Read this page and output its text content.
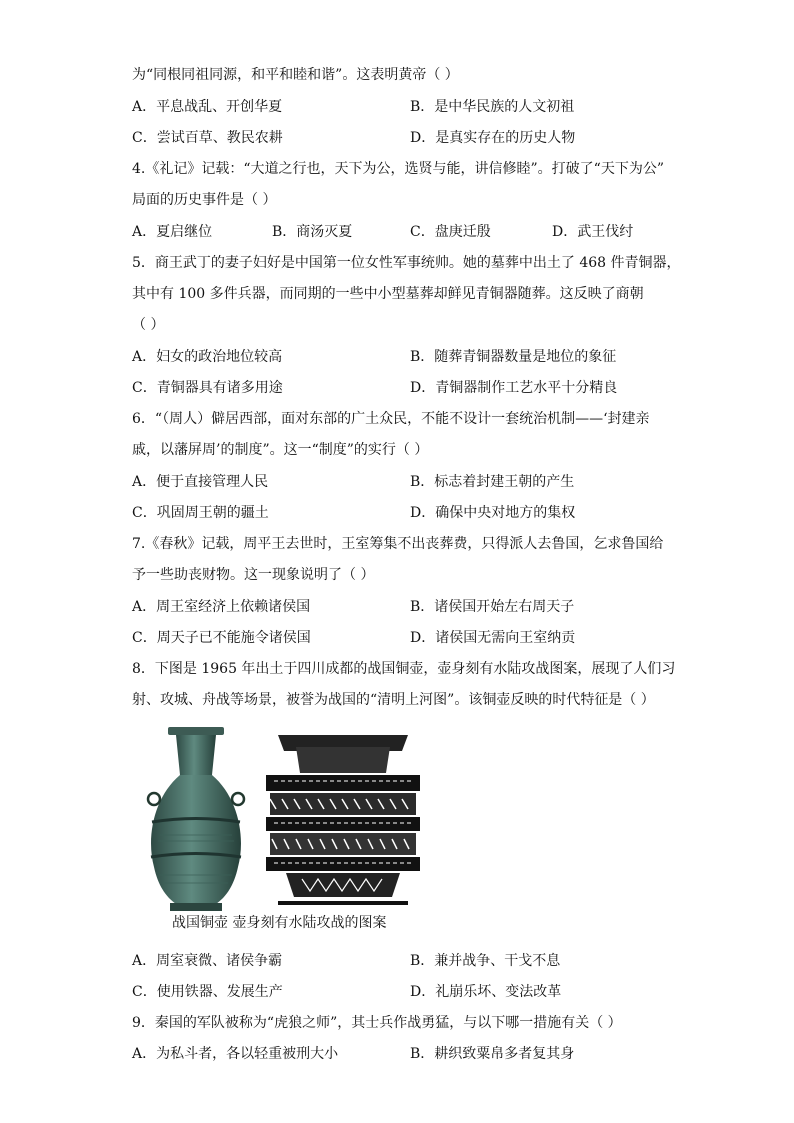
为“同根同祖同源，和平和睦和谐”。这表明黄帝（ ）
A．平息战乱、开创华夏	B．是中华民族的人文初祖
C．尝试百草、教民农耕	D．是真实存在的历史人物
4.《礼记》记载：“大道之行也，天下为公，选贤与能，讲信修睦”。打破了“天下为公”
局面的历史事件是（ ）
A．夏启继位	B．商汤灭夏	C．盘庚迁殷	D．武王伐纣
5．商王武丁的妻子妇好是中国第一位女性军事统帅。她的墓葬中出土了 468 件青铜器，
其中有 100 多件兵器，而同期的一些中小型墓葬却鲜见青铜器随葬。这反映了商朝
（ ）
A．妇女的政治地位较高	B．随葬青铜器数量是地位的象征
C．青铜器具有诸多用途	D．青铜器制作工艺水平十分精良
6．“（周人）僻居西部，面对东部的广土众民，不能不设计一套统治机制——‘封建亲
戚，以藩屏周’的制度”。这一“制度”的实行（ ）
A．便于直接管理人民	B．标志着封建王朝的产生
C．巩固周王朝的疆土	D．确保中央对地方的集权
7.《春秋》记载，周平王去世时，王室筹集不出丧葬费，只得派人去鲁国，乞求鲁国给
予一些助丧财物。这一现象说明了（ ）
A．周王室经济上依赖诸侯国	B．诸侯国开始左右周天子
C．周天子已不能施令诸侯国	D．诸侯国无需向王室纳贡
8．下图是 1965 年出土于四川成都的战国铜壶，壶身刻有水陆攻战图案，展现了人们习
射、攻城、舟战等场景，被誉为战国的“清明上河图”。该铜壶反映的时代特征是（ ）
战国铜壶 壶身刻有水陆攻战的图案
A．周室衰微、诸侯争霸	B．兼并战争、干戈不息
C．使用铁器、发展生产	D．礼崩乐坏、变法改革
9．秦国的军队被称为“虎狼之师”，其士兵作战勇猛，与以下哪一措施有关（ ）
A．为私斗者，各以轻重被刑大小	B．耕织致粟帛多者复其身
